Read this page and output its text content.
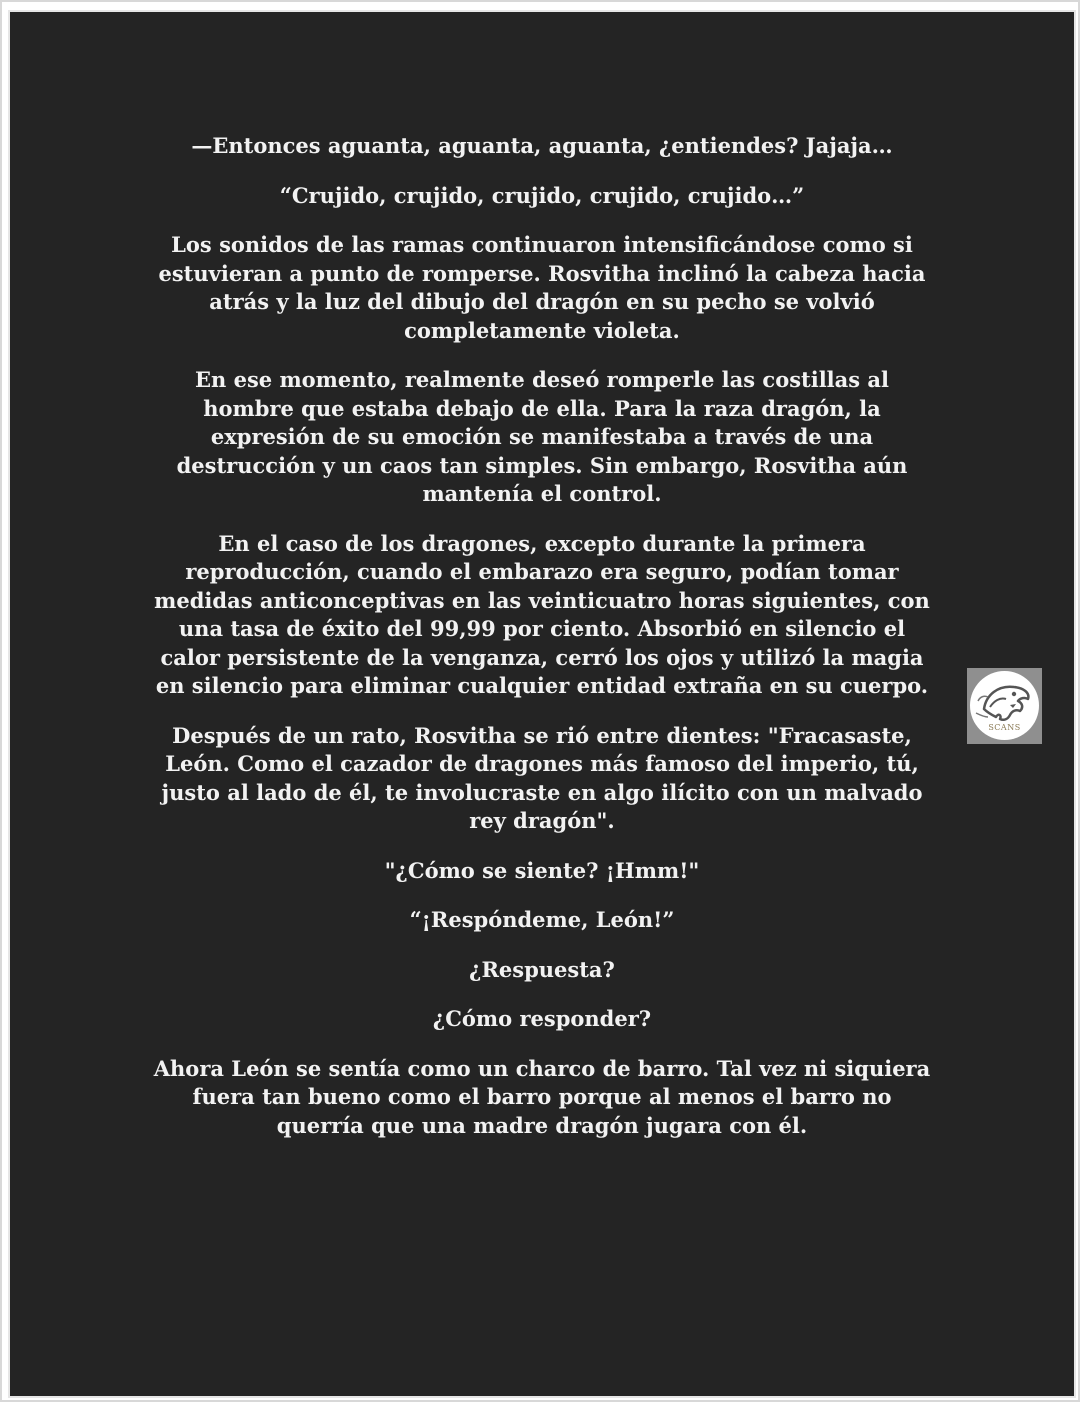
—Entonces aguanta, aguanta, aguanta, ¿entiendes? Jajaja…

“Crujido, crujido, crujido, crujido, crujido…”

Los sonidos de las ramas continuaron intensificándose como si estuvieran a punto de romperse. Rosvitha inclinó la cabeza hacia atrás y la luz del dibujo del dragón en su pecho se volvió completamente violeta.

En ese momento, realmente deseó romperle las costillas al hombre que estaba debajo de ella. Para la raza dragón, la expresión de su emoción se manifestaba a través de una destrucción y un caos tan simples. Sin embargo, Rosvitha aún mantenía el control.

En el caso de los dragones, excepto durante la primera reproducción, cuando el embarazo era seguro, podían tomar medidas anticonceptivas en las veinticuatro horas siguientes, con una tasa de éxito del 99,99 por ciento. Absorbió en silencio el calor persistente de la venganza, cerró los ojos y utilizó la magia en silencio para eliminar cualquier entidad extraña en su cuerpo.

Después de un rato, Rosvitha se rió entre dientes: "Fracasaste, León. Como el cazador de dragones más famoso del imperio, tú, justo al lado de él, te involucraste en algo ilícito con un malvado rey dragón".

"¿Cómo se siente? ¡Hmm!"

“¡Respóndeme, León!”

¿Respuesta?

¿Cómo responder?

Ahora León se sentía como un charco de barro. Tal vez ni siquiera fuera tan bueno como el barro porque al menos el barro no querría que una madre dragón jugara con él.

SCANS
